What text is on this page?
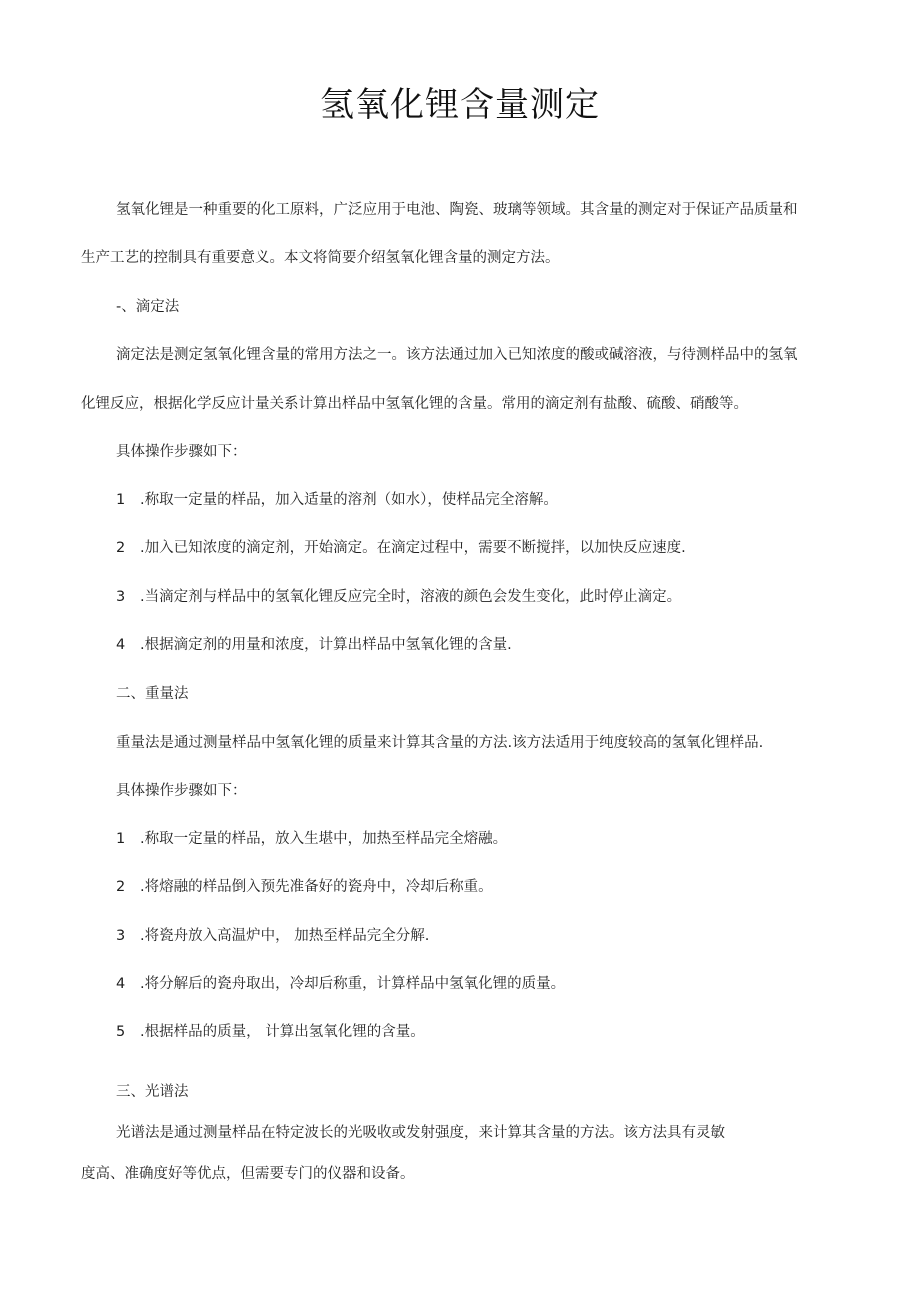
氢氧化锂含量测定
氢氧化锂是一种重要的化工原料，广泛应用于电池、陶瓷、玻璃等领域。其含量的测定对于保证产品质量和
生产工艺的控制具有重要意义。本文将简要介绍氢氧化锂含量的测定方法。
-、滴定法
滴定法是测定氢氧化锂含量的常用方法之一。该方法通过加入已知浓度的酸或碱溶液，与待测样品中的氢氧
化锂反应，根据化学反应计量关系计算出样品中氢氧化锂的含量。常用的滴定剂有盐酸、硫酸、硝酸等。
具体操作步骤如下：
1 .称取一定量的样品，加入适量的溶剂（如水），使样品完全溶解。
2 .加入已知浓度的滴定剂，开始滴定。在滴定过程中，需要不断搅拌，以加快反应速度.
3 .当滴定剂与样品中的氢氧化锂反应完全时，溶液的颜色会发生变化，此时停止滴定。
4 .根据滴定剂的用量和浓度，计算出样品中氢氧化锂的含量.
二、重量法
重量法是通过测量样品中氢氧化锂的质量来计算其含量的方法.该方法适用于纯度较高的氢氧化锂样品.
具体操作步骤如下：
1 .称取一定量的样品，放入生堪中，加热至样品完全熔融。
2 .将熔融的样品倒入预先准备好的瓷舟中，冷却后称重。
3 .将瓷舟放入高温炉中， 加热至样品完全分解.
4 .将分解后的瓷舟取出，冷却后称重，计算样品中氢氧化锂的质量。
5 .根据样品的质量， 计算出氢氧化锂的含量。
三、光谱法
光谱法是通过测量样品在特定波长的光吸收或发射强度，来计算其含量的方法。该方法具有灵敏
度高、准确度好等优点，但需要专门的仪器和设备。
